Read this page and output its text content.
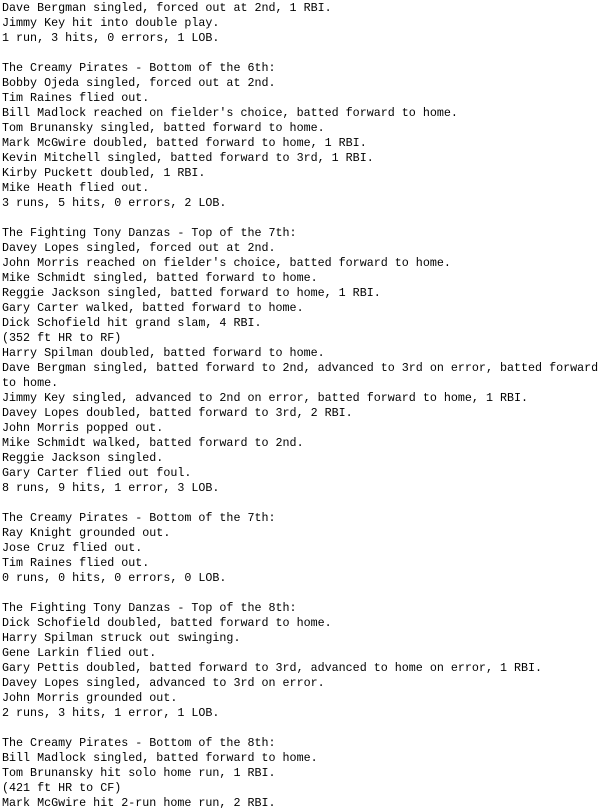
Dave Bergman singled, forced out at 2nd, 1 RBI.
Jimmy Key hit into double play.
1 run, 3 hits, 0 errors, 1 LOB.
The Creamy Pirates - Bottom of the 6th:
Bobby Ojeda singled, forced out at 2nd.
Tim Raines flied out.
Bill Madlock reached on fielder's choice, batted forward to home.
Tom Brunansky singled, batted forward to home.
Mark McGwire doubled, batted forward to home, 1 RBI.
Kevin Mitchell singled, batted forward to 3rd, 1 RBI.
Kirby Puckett doubled, 1 RBI.
Mike Heath flied out.
3 runs, 5 hits, 0 errors, 2 LOB.
The Fighting Tony Danzas - Top of the 7th:
Davey Lopes singled, forced out at 2nd.
John Morris reached on fielder's choice, batted forward to home.
Mike Schmidt singled, batted forward to home.
Reggie Jackson singled, batted forward to home, 1 RBI.
Gary Carter walked, batted forward to home.
Dick Schofield hit grand slam, 4 RBI.
(352 ft HR to RF)
Harry Spilman doubled, batted forward to home.
Dave Bergman singled, batted forward to 2nd, advanced to 3rd on error, batted forward
to home.
Jimmy Key singled, advanced to 2nd on error, batted forward to home, 1 RBI.
Davey Lopes doubled, batted forward to 3rd, 2 RBI.
John Morris popped out.
Mike Schmidt walked, batted forward to 2nd.
Reggie Jackson singled.
Gary Carter flied out foul.
8 runs, 9 hits, 1 error, 3 LOB.
The Creamy Pirates - Bottom of the 7th:
Ray Knight grounded out.
Jose Cruz flied out.
Tim Raines flied out.
0 runs, 0 hits, 0 errors, 0 LOB.
The Fighting Tony Danzas - Top of the 8th:
Dick Schofield doubled, batted forward to home.
Harry Spilman struck out swinging.
Gene Larkin flied out.
Gary Pettis doubled, batted forward to 3rd, advanced to home on error, 1 RBI.
Davey Lopes singled, advanced to 3rd on error.
John Morris grounded out.
2 runs, 3 hits, 1 error, 1 LOB.
The Creamy Pirates - Bottom of the 8th:
Bill Madlock singled, batted forward to home.
Tom Brunansky hit solo home run, 1 RBI.
(421 ft HR to CF)
Mark McGwire hit 2-run home run, 2 RBI.
